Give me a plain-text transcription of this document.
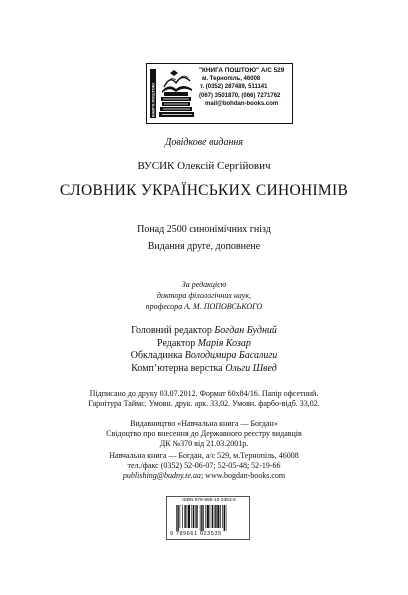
КНИГИ ПОШТОЮ
"КНИГА ПОШТОЮ" А/С 529
м. Тернопіль, 46008
т. (0352) 287489, 511141
(067) 3501870, (066) 7271762
mail@bohdan-books.com
Довідкове видання
ВУСИК Олексій Сергійович
СЛОВНИК УКРАЇНСЬКИХ СИНОНІМІВ
Понад 2500 синонімічних гнізд
Видання друге, доповнене
За редакцією
доктора філологічних наук,
професора А. М. ПОПОВСЬКОГО
Головний редактор Богдан Будний
Редактор Марія Козар
Обкладинка Володимира Басалиги
Комп’ютерна верстка Ольги Швед
Підписано до друку 03.07.2012. Формат 60х84/16. Папір офсетний.
Гарнітура Таймс. Умовн. друк. арк. 33,02. Умовн. фарбо-відб. 33,02.
Видавництво «Навчальна книга — Богдан»
Свідоцтво про внесення до Державного реєстру видавців
ДК №370 від 21.03.2001р.
Навчальна книга — Богдан, а/с 529, м.Тернопіль, 46008
тел./факс (0352) 52-06-07; 52-05-48; 52-19-66
publishing@budny.te.ua; www.bogdan-books.com
ISBN 978-966-10-2353-5
9 789661 023535
